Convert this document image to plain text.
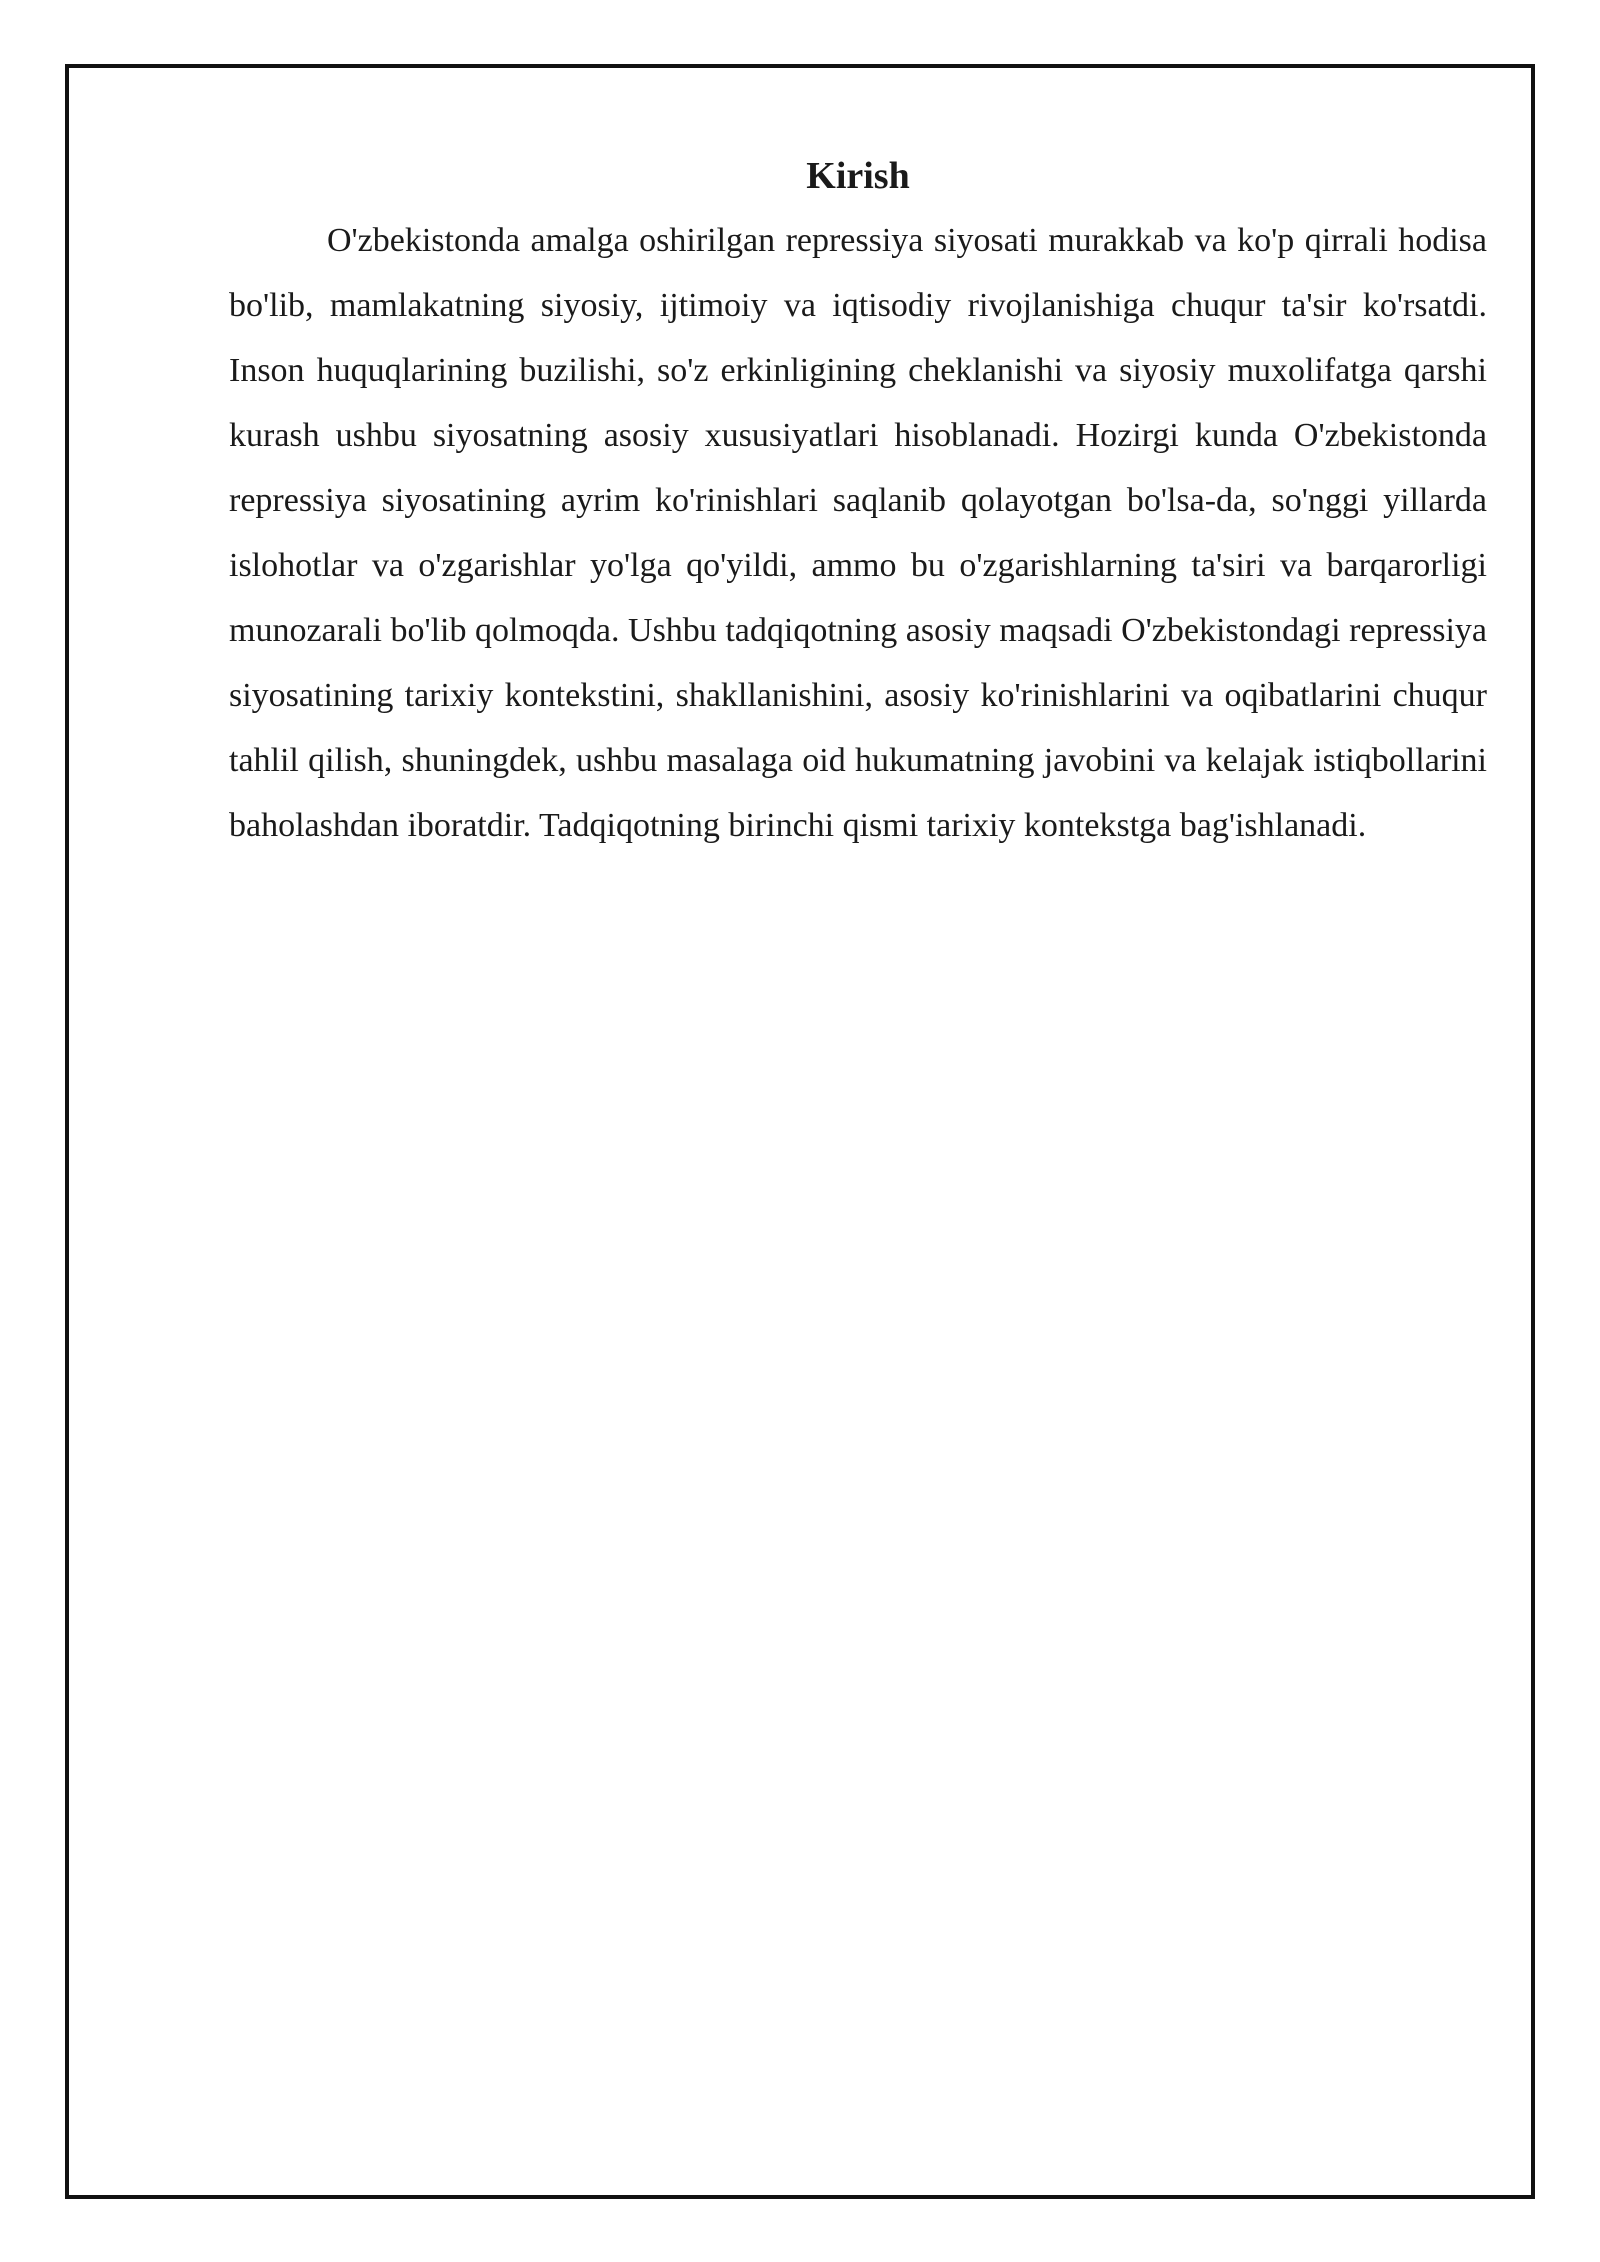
Kirish

O'zbekistonda amalga oshirilgan repressiya siyosati murakkab va ko'p qirrali hodisa bo'lib, mamlakatning siyosiy, ijtimoiy va iqtisodiy rivojlanishiga chuqur ta'sir ko'rsatdi. Inson huquqlarining buzilishi, so'z erkinligining cheklanishi va siyosiy muxolifatga qarshi kurash ushbu siyosatning asosiy xususiyatlari hisoblanadi. Hozirgi kunda O'zbekistonda repressiya siyosatining ayrim ko'rinishlari saqlanib qolayotgan bo'lsa-da, so'nggi yillarda islohotlar va o'zgarishlar yo'lga qo'yildi, ammo bu o'zgarishlarning ta'siri va barqarorligi munozarali bo'lib qolmoqda. Ushbu tadqiqotning asosiy maqsadi O'zbekistondagi repressiya siyosatining tarixiy kontekstini, shakllanishini, asosiy ko'rinishlarini va oqibatlarini chuqur tahlil qilish, shuningdek, ushbu masalaga oid hukumatning javobini va kelajak istiqbollarini baholashdan iboratdir. Tadqiqotning birinchi qismi tarixiy kontekstga bag'ishlanadi.
